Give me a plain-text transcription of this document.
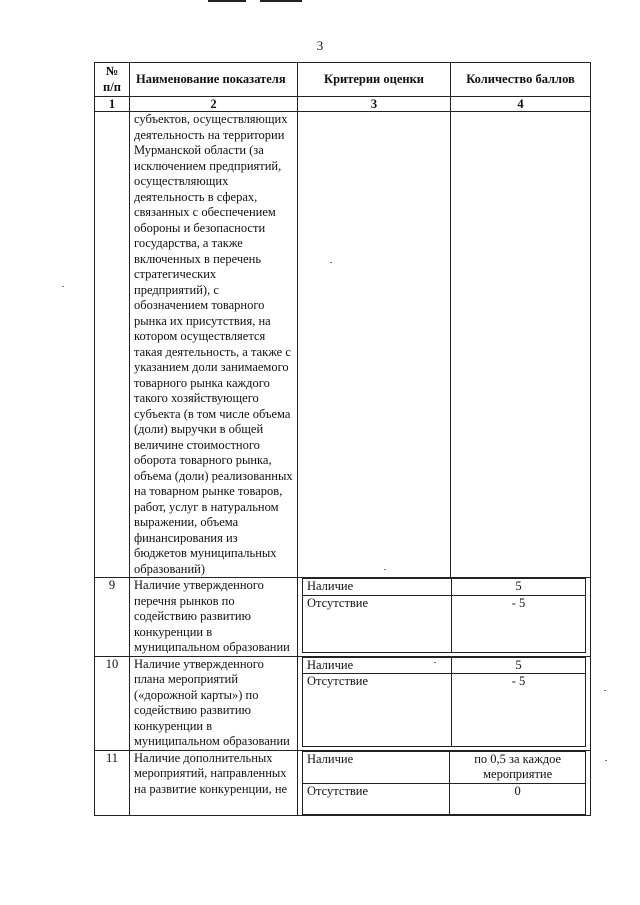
3
№ п/п	Наименование показателя	Критерии оценки	Количество баллов
1	2	3	4
	субъектов, осуществляющих деятельность на территории Мурманской области (за исключением предприятий, осуществляющих деятельность в сферах, связанных с обеспечением обороны и безопасности государства, а также включенных в перечень стратегических предприятий), с обозначением товарного рынка их присутствия, на котором осуществляется такая деятельность, а также с указанием доли занимаемого товарного рынка каждого такого хозяйствующего субъекта (в том числе объема (доли) выручки в общей величине стоимостного оборота товарного рынка, объема (доли) реализованных на товарном рынке товаров, работ, услуг в натуральном выражении, объема финансирования из бюджетов муниципальных образований)		
9	Наличие утвержденного перечня рынков по содействию развитию конкуренции в муниципальном образовании	
Наличие	5
Отсутствие	- 5

10	Наличие утвержденного плана мероприятий («дорожной карты») по содействию развитию конкуренции в муниципальном образовании	
Наличие	5
Отсутствие	- 5

11	Наличие дополнительных мероприятий, направленных на развитие конкуренции, не	
Наличие	по 0,5 за каждое мероприятие
Отсутствие	0
